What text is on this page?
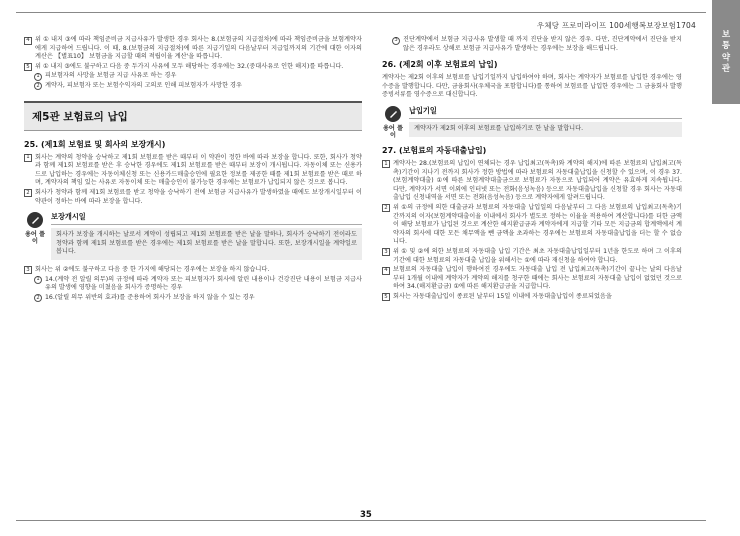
우체당 프로미라이프 100세행복보장보험1704
보
통
약
관
4 위 ① 내지 ③에 따라 책임준비금 지급사유가 발생한 경우 회사는 8.(보험금의 지급절차)에 따라 책임준비금을 보험계약자에게 지급하여 드립니다. 이 때, 8.(보험금의 지급절차)에 따른 지급기일의 다음날부터 지급일까지의 기간에 대한 이자의 계산은 【별표10】 보험금을 지급할 때의 적립이율 계산'을 따릅니다.
5 위 ① 내지 ③에도 불구하고 다음 중 두가지 사유에 모두 해당하는 경우에는 32.(중대사유로 인한 해지)를 따릅니다.
1 피보험자의 사망을 보험금 지급 사유로 하는 경우
2 계약자, 피보험자 또는 보험수익자의 고의로 인해 피보험자가 사망한 경우
제5관 보험료의 납입
25. (제1회 보험료 및 회사의 보장개시)
1 회사는 계약의 청약을 승낙하고 제1회 보험료를 받은 때부터 이 약관이 정한 바에 따라 보장을 합니다. 또한, 회사가 청약과 함께 제1회 보험료를 받은 후 승낙한 경우에도 제1회 보험료를 받은 때부터 보장이 개시됩니다. 자동이체 또는 신용카드로 납입하는 경우에는 자동이체신청 또는 신용카드매출승인에 필요한 정보를 제공한 때를 제1회 보험료를 받은 때로 하며, 계약자의 책임 있는 사유로 자동이체 또는 매출승인이 불가능한 경우에는 보험료가 납입되지 않은 것으로 봅니다.
2 회사가 청약과 함께 제1회 보험료를 받고 청약을 승낙하기 전에 보험금 지급사유가 발생하였을 때에도 보장개시일부터 이 약관이 정하는 바에 따라 보장을 합니다.
용어 풀이
보장개시일
회사가 보장을 개시하는 날로서 계약이 성립되고 제1회 보험료를 받은 날을 말하나, 회사가 승낙하기 전이라도 청약과 함께 제1회 보험료를 받은 경우에는 제1회 보험료를 받은 날을 말합니다. 또한, 보장개시일을 계약일로 봅니다.
3 회사는 위 ②에도 불구하고 다음 중 한 가지에 해당되는 경우에는 보장을 하지 않습니다.
1 14.(계약 전 알릴 의무)의 규정에 따라 계약자 또는 피보험자가 회사에 알린 내용이나 건강진단 내용이 보험금 지급사유의 발생에 영향을 미쳤음을 회사가 증명하는 경우
2 16.(알릴 의무 위반의 효과)를 준용하여 회사가 보장을 하지 않을 수 있는 경우
3 진단계약에서 보험금 지급사유 발생할 때 까지 진단을 받지 않은 경우. 다만, 진단계약에서 진단을 받지 않은 경우라도 상해로 보험금 지급사유가 발생하는 경우에는 보장을 해드립니다.
26. (제2회 이후 보험료의 납입)
계약자는 제2회 이후의 보험료를 납입기일까지 납입하여야 하며, 회사는 계약자가 보험료를 납입한 경우에는 영수증을 발행합니다. 다만, 금융회사(우체국을 포함합니다)를 통하여 보험료를 납입한 경우에는 그 금융회사 발행 증빙서류를 영수증으로 대신합니다.
용어 풀이
납입기일
계약자가 제2회 이후의 보험료를 납입하기로 한 날을 말합니다.
27. (보험료의 자동대출납입)
1 계약자는 28.(보험료의 납입이 연체되는 경우 납입최고(독촉)와 계약의 해지)에 따른 보험료의 납입최고(독촉)기간이 지나기 전까지 회사가 정한 방법에 따라 보험료의 자동대출납입을 신청할 수 있으며, 이 경우 37.(보험계약대출) ①에 따른 보험계약대출금으로 보험료가 자동으로 납입되어 계약은 유효하게 지속됩니다. 다만, 계약자가 서면 이외에 인터넷 또는 전화(음성녹음) 등으로 자동대출납입을 신청할 경우 회사는 자동대출납입 신청내역을 서면 또는 전화(음성녹음) 등으로 계약자에게 알려드립니다.
2 위 ①의 규정에 의한 대출금과 보험료의 자동대출 납입일의 다음날부터 그 다음 보험료의 납입최고(독촉)기간까지의 이자(보험계약대출이율 이내에서 회사가 별도로 정하는 이율을 적용하여 계산합니다)를 더한 금액이 해당 보험료가 납입된 것으로 계산한 해지환급금과 계약자에게 지급할 기타 모든 지급금의 합계액에서 계약자의 회사에 대한 모든 채무액을 뺀 금액을 초과하는 경우에는 보험료의 자동대출납입을 더는 할 수 없습니다.
3 위 ① 및 ②에 의한 보험료의 자동대출 납입 기간은 최초 자동대출납입일부터 1년을 한도로 하며 그 이후의 기간에 대한 보험료의 자동대출 납입을 위해서는 ①에 따라 재신청을 하여야 합니다.
4 보험료의 자동대출 납입이 행하여진 경우에도 자동대출 납입 전 납입최고(독촉)기간이 끝나는 날의 다음날부터 1개월 이내에 계약자가 계약의 해지를 청구한 때에는 회사는 보험료의 자동대출 납입이 없었던 것으로 하여 34.(해지환급금) ①에 따른 해지환급금을 지급합니다.
5 회사는 자동대출납입이 종료된 날부터 15일 이내에 자동대출납입이 종료되었음을
35
